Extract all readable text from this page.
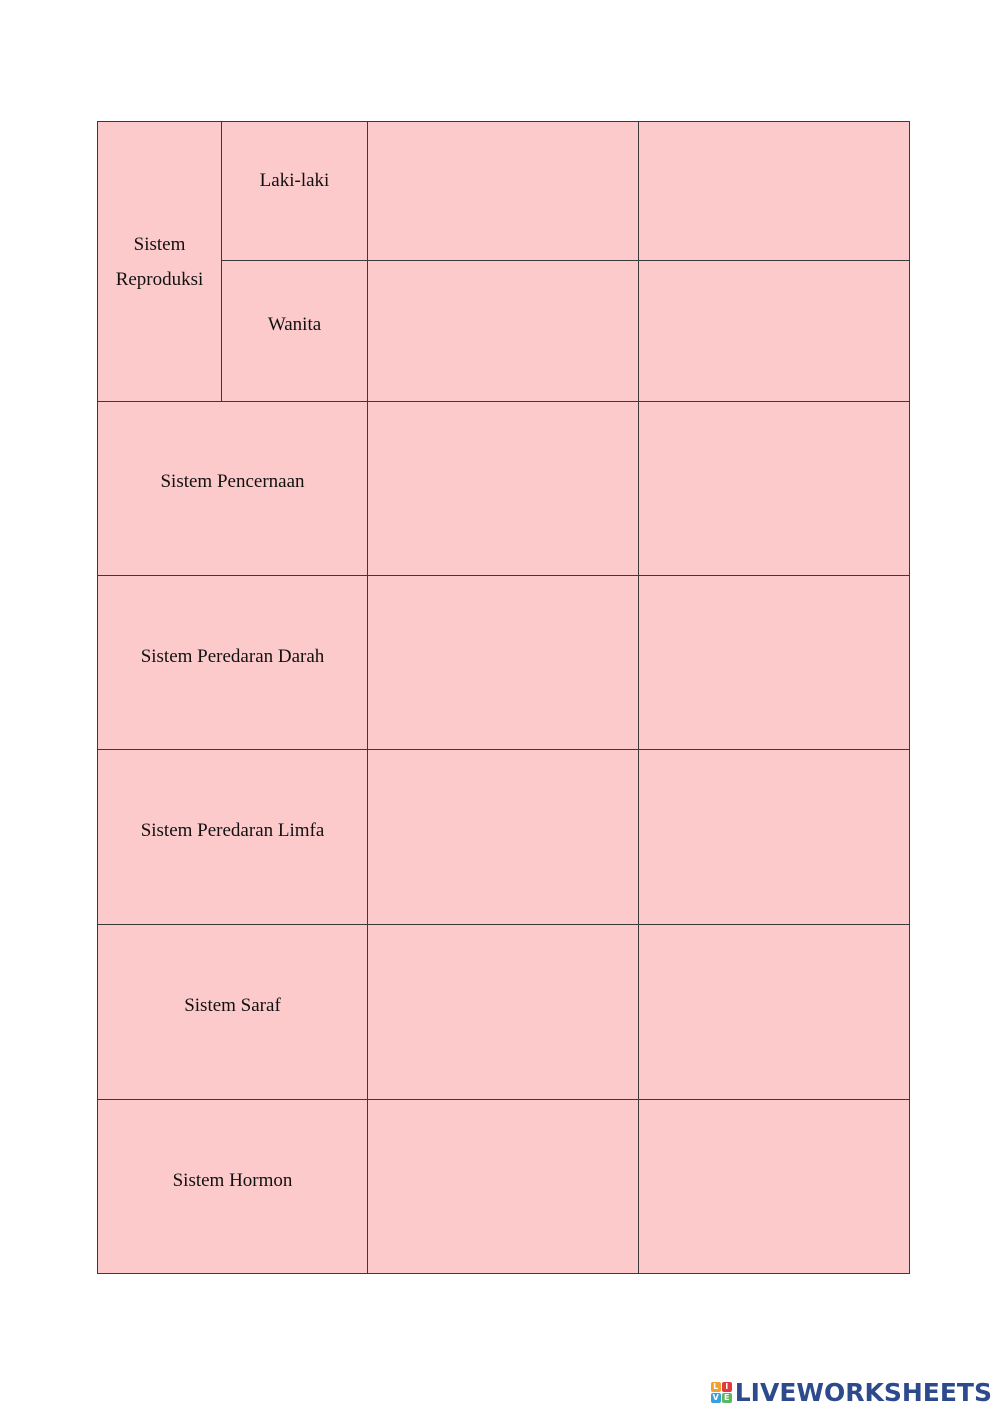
Sistem Reproduksi	Laki-laki		
	Wanita		
Sistem Pencernaan			
Sistem Peredaran Darah			
Sistem Peredaran Limfa			
Sistem Saraf			
Sistem Hormon			
L I
V E LIVEWORKSHEETS
